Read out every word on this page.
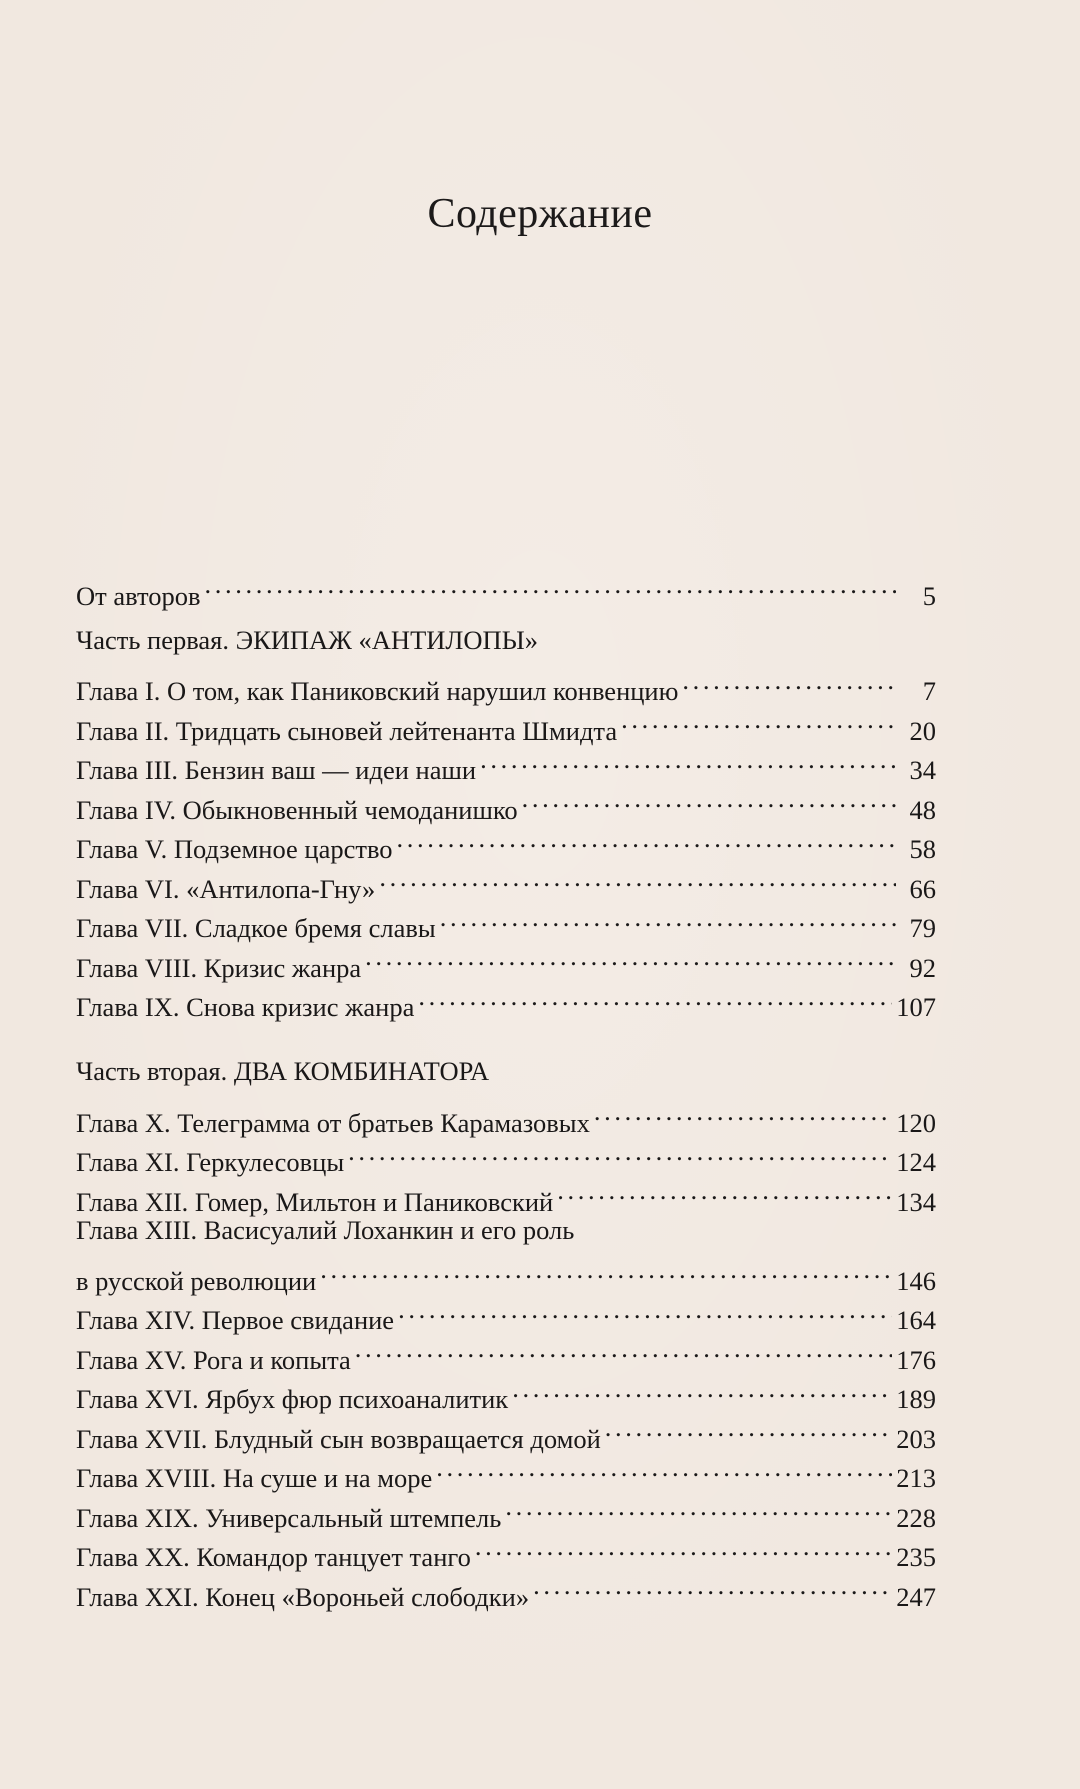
Содержание
От авторов . . .	5
Часть первая. ЭКИПАЖ «АНТИЛОПЫ»
Глава I. О том, как Паниковский нарушил конвенцию . . .	7
Глава II. Тридцать сыновей лейтенанта Шмидта . . .	20
Глава III. Бензин ваш — идеи наши . . .	34
Глава IV. Обыкновенный чемоданишко . . .	48
Глава V. Подземное царство . . .	58
Глава VI. «Антилопа-Гну» . . .	66
Глава VII. Сладкое бремя славы . . .	79
Глава VIII. Кризис жанра . . .	92
Глава IX. Снова кризис жанра . . .	107
Часть вторая. ДВА КОМБИНАТОРА
Глава X. Телеграмма от братьев Карамазовых . . .	120
Глава XI. Геркулесовцы . . .	124
Глава XII. Гомер, Мильтон и Паниковский . . .	134
Глава XIII. Васисуалий Лоханкин и его роль
в русской революции . . .	146
Глава XIV. Первое свидание . . .	164
Глава XV. Рога и копыта . . .	176
Глава XVI. Ярбух фюр психоаналитик . . .	189
Глава XVII. Блудный сын возвращается домой . . .	203
Глава XVIII. На суше и на море . . .	213
Глава XIX. Универсальный штемпель . . .	228
Глава XX. Командор танцует танго . . .	235
Глава XXI. Конец «Вороньей слободки» . . .	247
